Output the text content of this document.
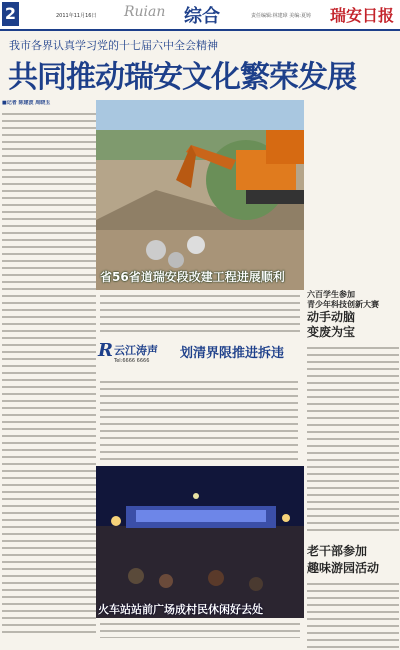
2	2011年11月16日 Ruian 综合	责任编辑:林建璋 美编:夏铸 瑞安日报
我市各界认真学习党的十七届六中全会精神
共同推动瑞安文化繁荣发展
■记者 陈建波 周晓玉
省56省道瑞安段改建工程进展顺利
六百学生参加
青少年科技创新大赛
动手动脑
变废为宝
老干部参加
趣味游园活动
R 云江涛声
Tel:6666 6666 划清界限推进拆违
火车站站前广场成村民休闲好去处
